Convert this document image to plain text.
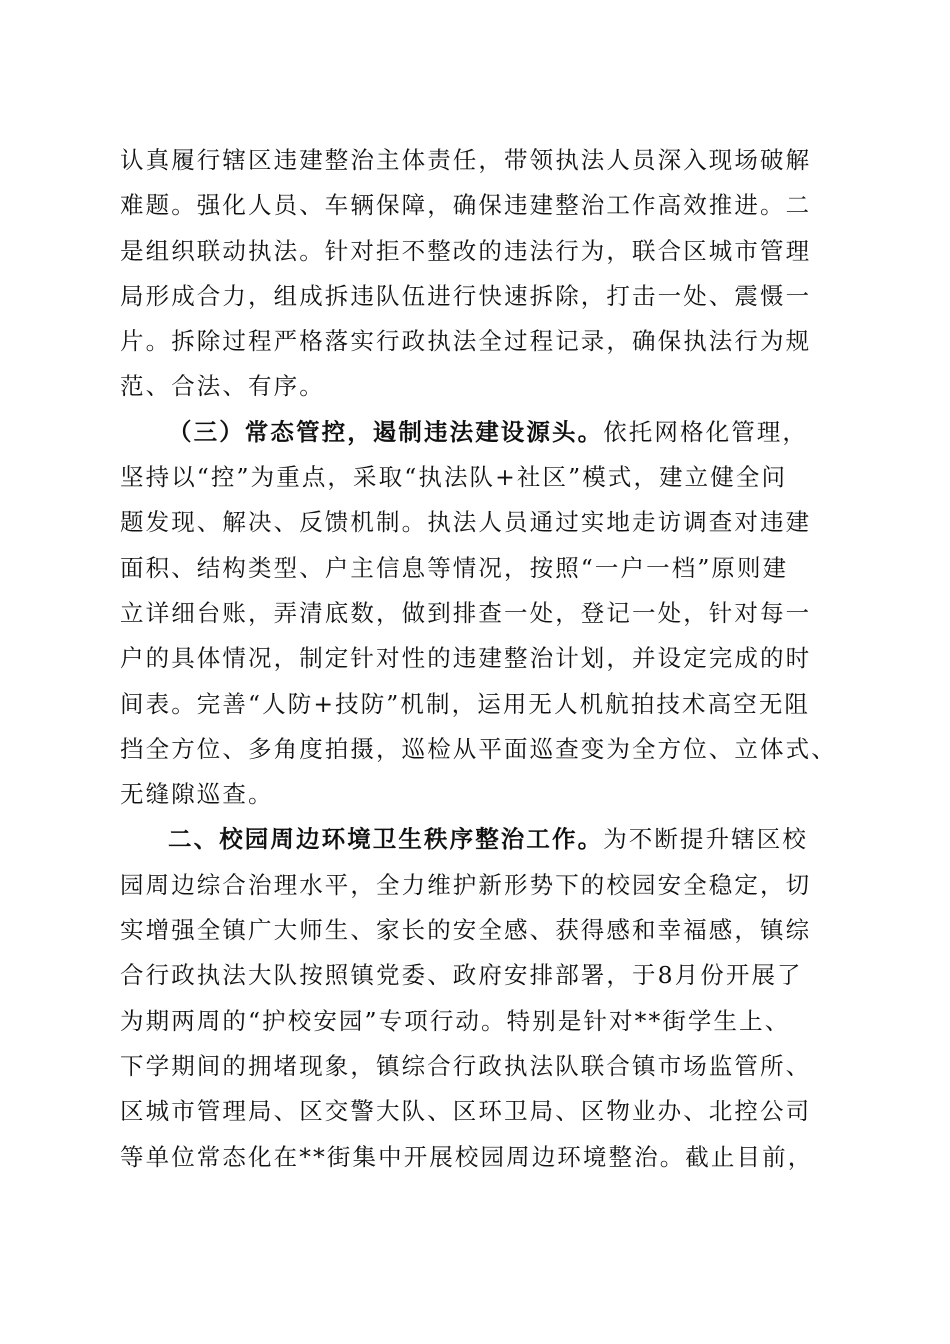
认真履行辖区违建整治主体责任，带领执法人员深入现场破解
难题。强化人员、车辆保障，确保违建整治工作高效推进。二
是组织联动执法。针对拒不整改的违法行为，联合区城市管理
局形成合力，组成拆违队伍进行快速拆除，打击一处、震慑一
片。拆除过程严格落实行政执法全过程记录，确保执法行为规
范、合法、有序。
（三）常态管控，遏制违法建设源头。依托网格化管理，
坚持以“控”为重点，采取“执法队+社区”模式，建立健全问
题发现、解决、反馈机制。执法人员通过实地走访调查对违建
面积、结构类型、户主信息等情况，按照“一户一档”原则建
立详细台账，弄清底数，做到排查一处，登记一处，针对每一
户的具体情况，制定针对性的违建整治计划，并设定完成的时
间表。完善“人防+技防”机制，运用无人机航拍技术高空无阻
挡全方位、多角度拍摄，巡检从平面巡查变为全方位、立体式、
无缝隙巡查。
二、校园周边环境卫生秩序整治工作。为不断提升辖区校
园周边综合治理水平，全力维护新形势下的校园安全稳定，切
实增强全镇广大师生、家长的安全感、获得感和幸福感，镇综
合行政执法大队按照镇党委、政府安排部署，于8月份开展了
为期两周的“护校安园”专项行动。特别是针对**街学生上、
下学期间的拥堵现象，镇综合行政执法队联合镇市场监管所、
区城市管理局、区交警大队、区环卫局、区物业办、北控公司
等单位常态化在**街集中开展校园周边环境整治。截止目前，
